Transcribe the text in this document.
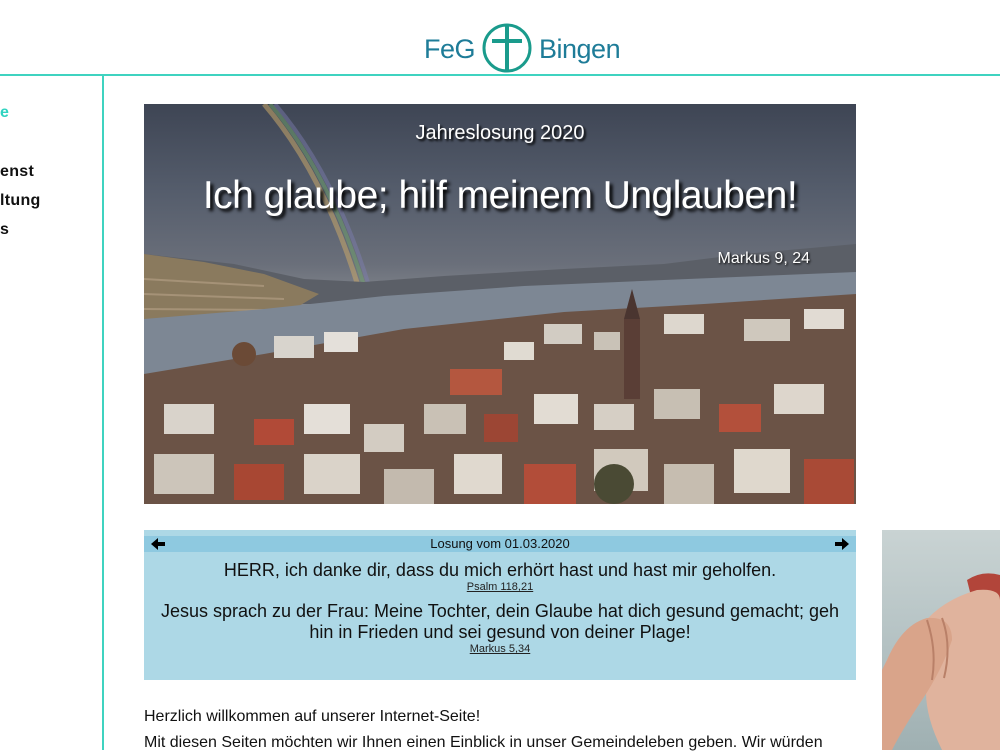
FeG Bingen
e
enst
ltung
s
Jahreslosung 2020
Ich glaube; hilf meinem Unglauben!
Markus 9, 24
Losung vom 01.03.2020
HERR, ich danke dir, dass du mich erhört hast und hast mir geholfen.
Psalm 118,21
Jesus sprach zu der Frau: Meine Tochter, dein Glaube hat dich gesund gemacht; geh hin in Frieden und sei gesund von deiner Plage!
Markus 5,34
Herzlich willkommen auf unserer Internet-Seite!
Mit diesen Seiten möchten wir Ihnen einen Einblick in unser Gemeindeleben geben. Wir würden
